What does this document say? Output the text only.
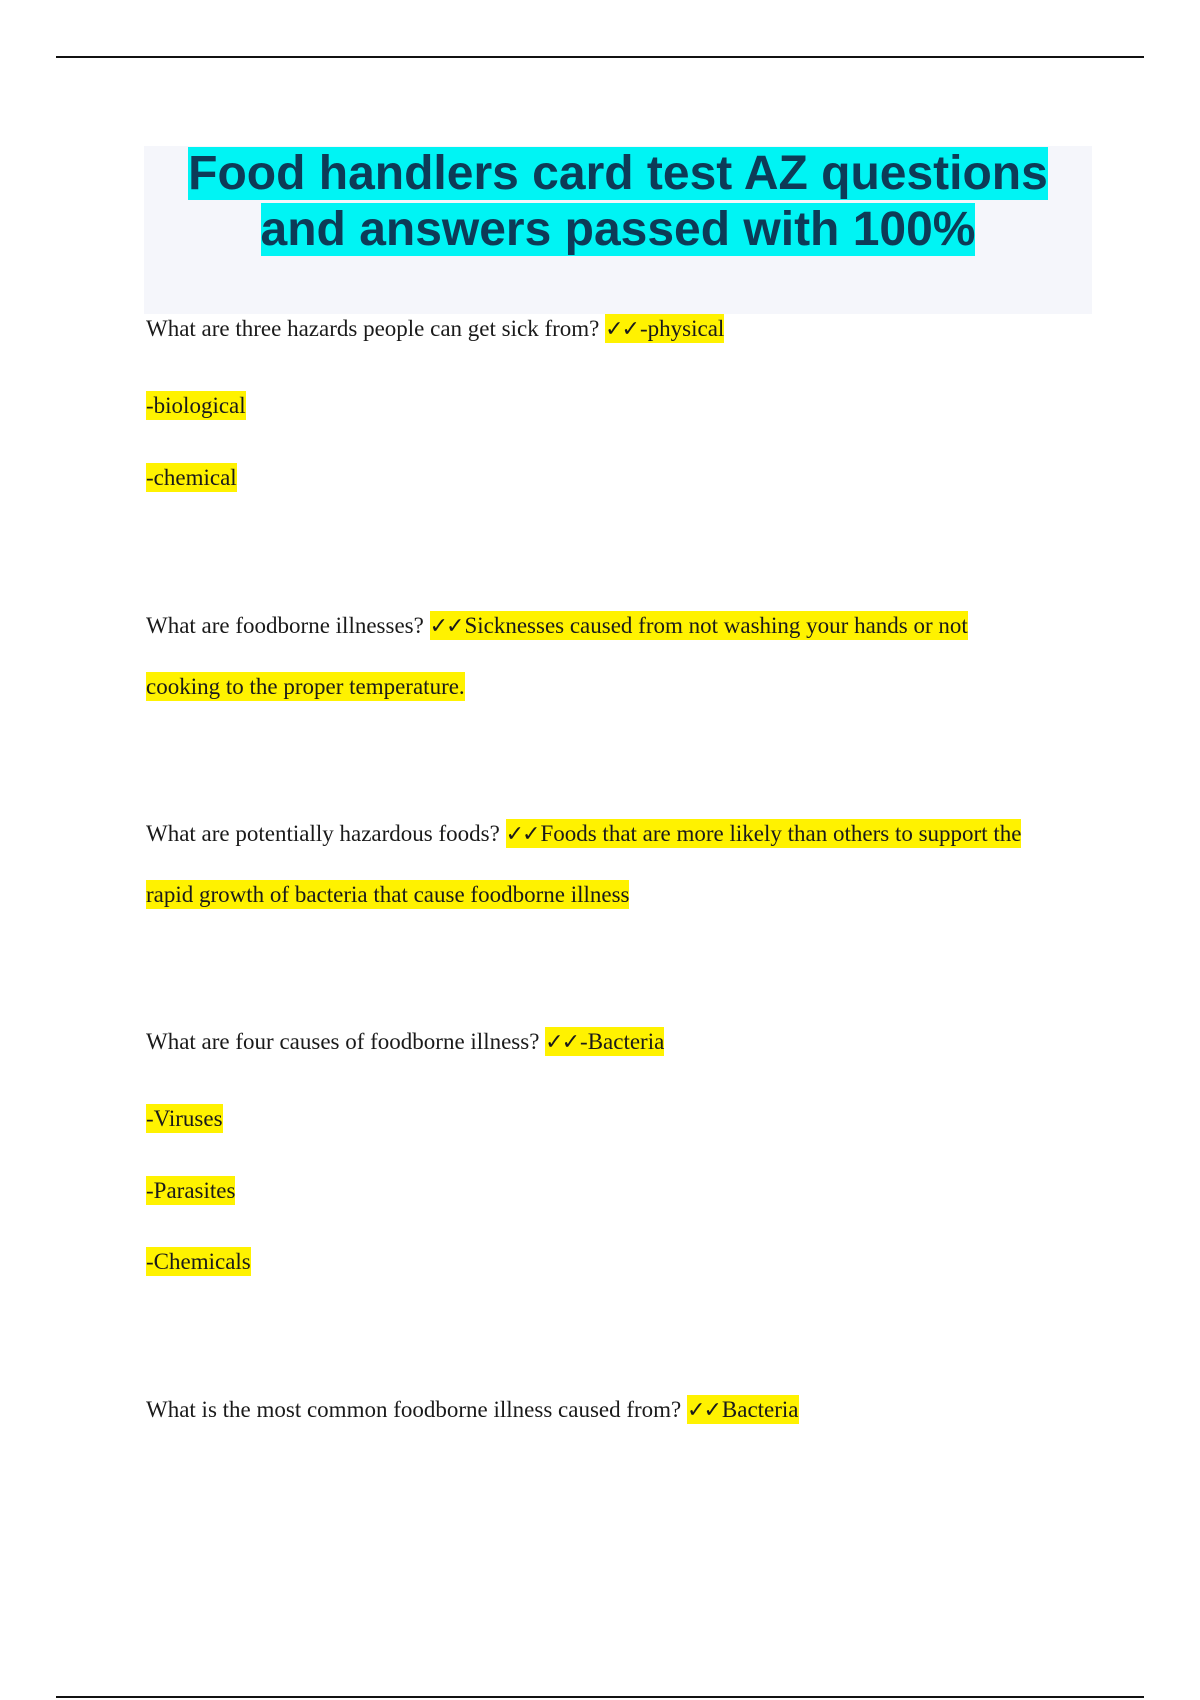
Food handlers card test AZ questions and answers passed with 100%
What are three hazards people can get sick from? ✓✓-physical
-biological
-chemical
What are foodborne illnesses? ✓✓Sicknesses caused from not washing your hands or not
cooking to the proper temperature.
What are potentially hazardous foods? ✓✓Foods that are more likely than others to support the
rapid growth of bacteria that cause foodborne illness
What are four causes of foodborne illness? ✓✓-Bacteria
-Viruses
-Parasites
-Chemicals
What is the most common foodborne illness caused from? ✓✓Bacteria
